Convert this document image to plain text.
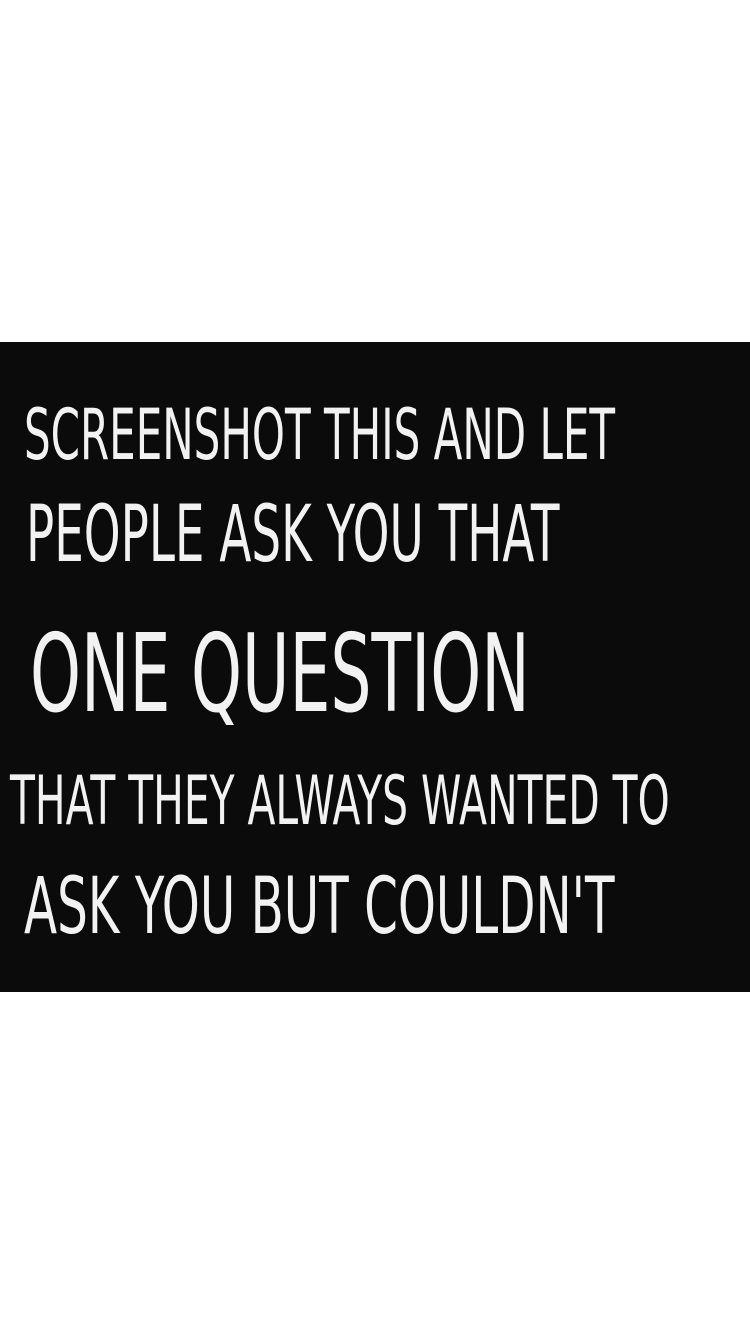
SCREENSHOT THIS AND LET
PEOPLE ASK YOU THAT
ONE QUESTION
THAT THEY ALWAYS WANTED TO
ASK YOU BUT COULDN'T
